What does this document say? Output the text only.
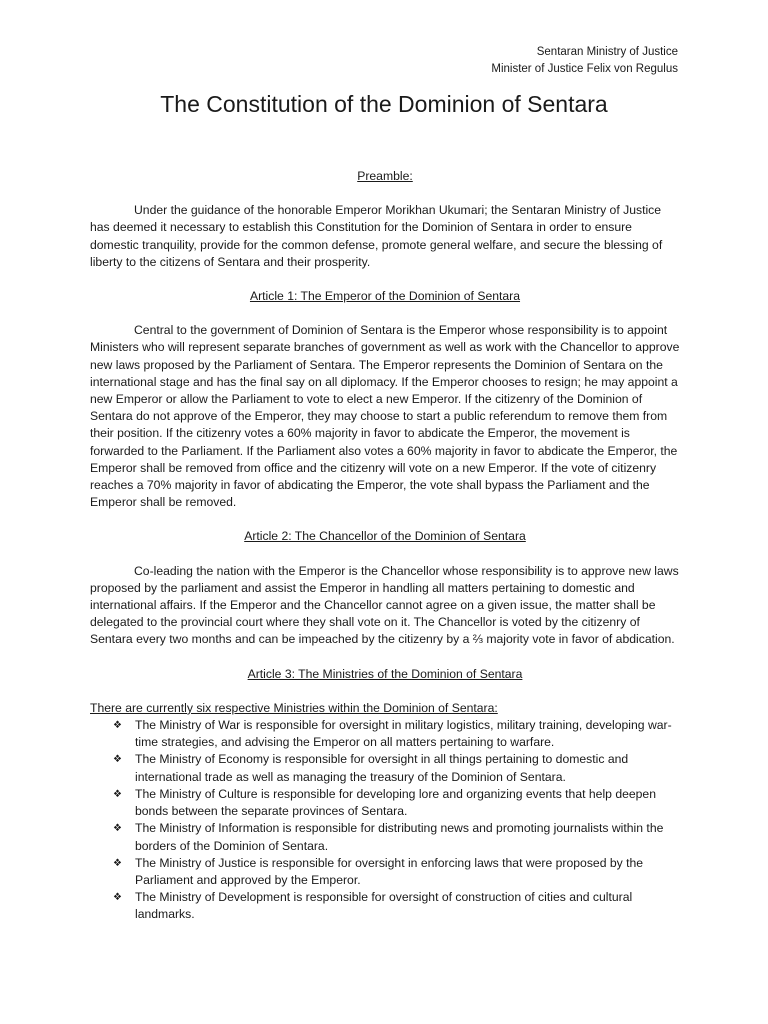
Sentaran Ministry of Justice
Minister of Justice Felix von Regulus
The Constitution of the Dominion of Sentara
Preamble:

Under the guidance of the honorable Emperor Morikhan Ukumari; the Sentaran Ministry of Justice has deemed it necessary to establish this Constitution for the Dominion of Sentara in order to ensure domestic tranquility, provide for the common defense, promote general welfare, and secure the blessing of liberty to the citizens of Sentara and their prosperity.

Article 1: The Emperor of the Dominion of Sentara

Central to the government of Dominion of Sentara is the Emperor whose responsibility is to appoint Ministers who will represent separate branches of government as well as work with the Chancellor to approve new laws proposed by the Parliament of Sentara. The Emperor represents the Dominion of Sentara on the international stage and has the final say on all diplomacy. If the Emperor chooses to resign; he may appoint a new Emperor or allow the Parliament to vote to elect a new Emperor. If the citizenry of the Dominion of Sentara do not approve of the Emperor, they may choose to start a public referendum to remove them from their position. If the citizenry votes a 60% majority in favor to abdicate the Emperor, the movement is forwarded to the Parliament. If the Parliament also votes a 60% majority in favor to abdicate the Emperor, the Emperor shall be removed from office and the citizenry will vote on a new Emperor. If the vote of citizenry reaches a 70% majority in favor of abdicating the Emperor, the vote shall bypass the Parliament and the Emperor shall be removed.

Article 2: The Chancellor of the Dominion of Sentara

Co-leading the nation with the Emperor is the Chancellor whose responsibility is to approve new laws proposed by the parliament and assist the Emperor in handling all matters pertaining to domestic and international affairs. If the Emperor and the Chancellor cannot agree on a given issue, the matter shall be delegated to the provincial court where they shall vote on it. The Chancellor is voted by the citizenry of Sentara every two months and can be impeached by the citizenry by a ⅔ majority vote in favor of abdication.

Article 3: The Ministries of the Dominion of Sentara
There are currently six respective Ministries within the Dominion of Sentara:
❖ The Ministry of War is responsible for oversight in military logistics, military training, developing war-time strategies, and advising the Emperor on all matters pertaining to warfare.
❖ The Ministry of Economy is responsible for oversight in all things pertaining to domestic and international trade as well as managing the treasury of the Dominion of Sentara.
❖ The Ministry of Culture is responsible for developing lore and organizing events that help deepen bonds between the separate provinces of Sentara.
❖ The Ministry of Information is responsible for distributing news and promoting journalists within the borders of the Dominion of Sentara.
❖ The Ministry of Justice is responsible for oversight in enforcing laws that were proposed by the Parliament and approved by the Emperor.
❖ The Ministry of Development is responsible for oversight of construction of cities and cultural landmarks.
